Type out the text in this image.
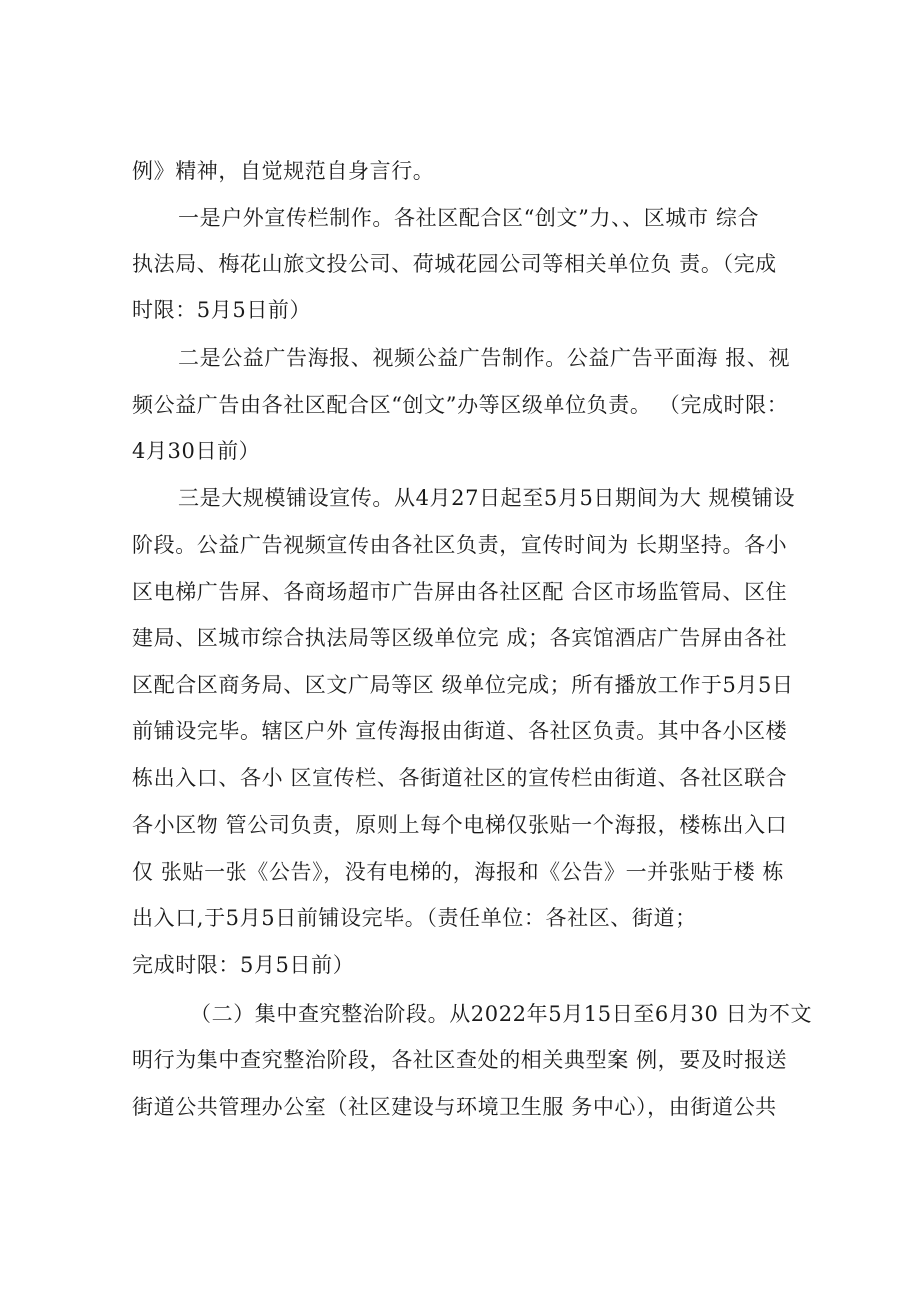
例》精神，自觉规范自身言行。
一是户外宣传栏制作。各社区配合区“创文”力、、区城市 综合
执法局、梅花山旅文投公司、荷城花园公司等相关单位负 责。（完成
时限：5月5日前）
二是公益广告海报、视频公益广告制作。公益广告平面海 报、视
频公益广告由各社区配合区“创文”办等区级单位负责。 （完成时限：
4月30日前）
三是大规模铺设宣传。从4月27日起至5月5日期间为大 规模铺设
阶段。公益广告视频宣传由各社区负责，宣传时间为 长期坚持。各小
区电梯广告屏、各商场超市广告屏由各社区配 合区市场监管局、区住
建局、区城市综合执法局等区级单位完 成；各宾馆酒店广告屏由各社
区配合区商务局、区文广局等区 级单位完成；所有播放工作于5月5日
前铺设完毕。辖区户外 宣传海报由街道、各社区负责。其中各小区楼
栋出入口、各小 区宣传栏、各街道社区的宣传栏由街道、各社区联合
各小区物 管公司负责，原则上每个电梯仅张贴一个海报，楼栋出入口
仅 张贴一张《公告》，没有电梯的，海报和《公告》一并张贴于楼 栋
出入口,于5月5日前铺设完毕。（责任单位：各社区、街道；
完成时限：5月5日前）
（二）集中查究整治阶段。从2022年5月15日至6月30 日为不文
明行为集中查究整治阶段，各社区查处的相关典型案 例，要及时报送
街道公共管理办公室（社区建设与环境卫生服 务中心），由街道公共
